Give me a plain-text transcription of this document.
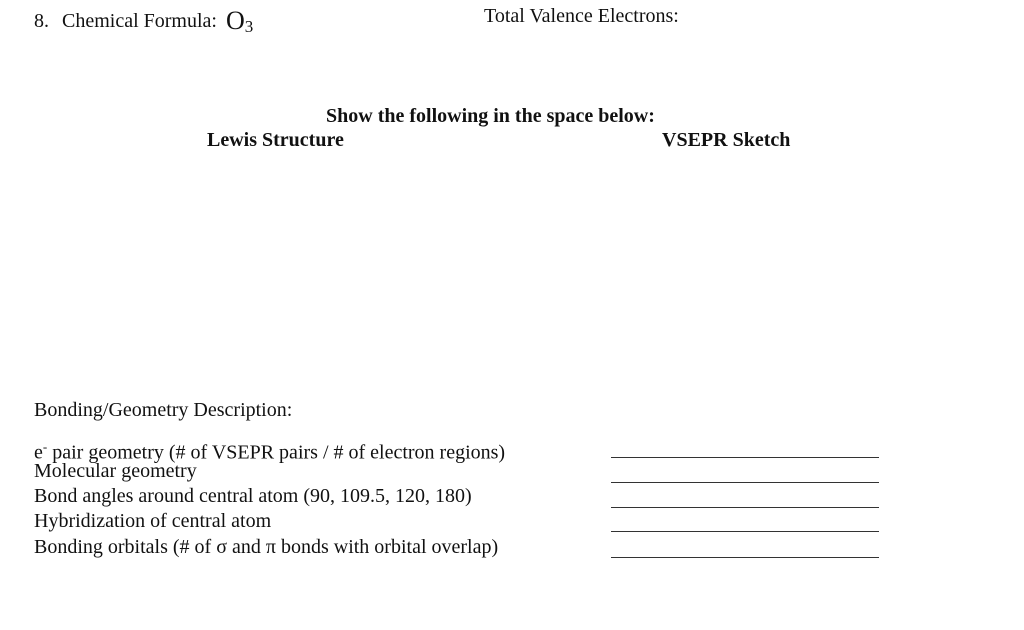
8. Chemical Formula: $O_3$	Total Valence Electrons:
Show the following in the space below:
Lewis Structure	VSEPR Sketch
Bonding/Geometry Description:
e- pair geometry (# of VSEPR pairs / # of electron regions)
Molecular geometry
Bond angles around central atom (90, 109.5, 120, 180)
Hybridization of central atom
Bonding orbitals (# of σ and π bonds with orbital overlap)
